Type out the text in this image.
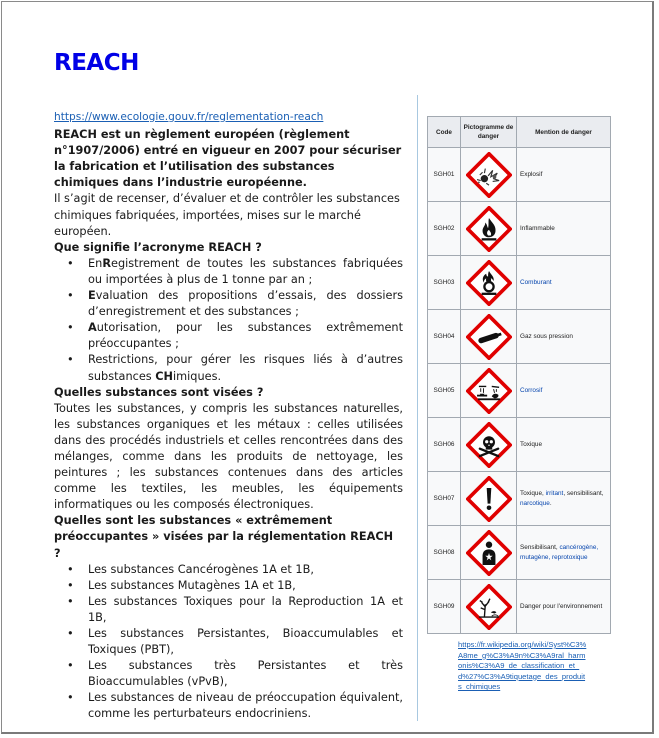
REACH

https://www.ecologie.gouv.fr/reglementation-reach

REACH est un règlement européen (règlement n°1907/2006) entré en vigueur en 2007 pour sécuriser la fabrication et l’utilisation des substances chimiques dans l’industrie européenne.

Il s’agit de recenser, d’évaluer et de contrôler les substances chimiques fabriquées, importées, mises sur le marché européen.

Que signifie l’acronyme REACH ?

• EnRegistrement de toutes les substances fabriquées ou importées à plus de 1 tonne par an ;
• Evaluation des propositions d’essais, des dossiers d’enregistrement et des substances ;
• Autorisation, pour les substances extrêmement préoccupantes ;
• Restrictions, pour gérer les risques liés à d’autres substances CHimiques.

Quelles substances sont visées ?

Toutes les substances, y compris les substances naturelles, les substances organiques et les métaux : celles utilisées dans des procédés industriels et celles rencontrées dans des mélanges, comme dans les produits de nettoyage, les peintures ; les substances contenues dans des articles comme les textiles, les meubles, les équipements informatiques ou les composés électroniques.

Quelles sont les substances « extrêmement préoccupantes » visées par la réglementation REACH ?

• Les substances Cancérogènes 1A et 1B,
• Les substances Mutagènes 1A et 1B,
• Les substances Toxiques pour la Reproduction 1A et 1B,
• Les substances Persistantes, Bioaccumulables et Toxiques (PBT),
• Les substances très Persistantes et très Bioaccumulables (vPvB),
• Les substances de niveau de préoccupation équivalent, comme les perturbateurs endocriniens.
Code	Pictogramme de danger	Mention de danger
SGH01		Explosif
SGH02		Inflammable
SGH03		Comburant
SGH04		Gaz sous pression
SGH05		Corrosif
SGH06		Toxique
SGH07		Toxique, irritant, sensibilisant, narcotique.
SGH08		Sensibilisant, cancérogène, mutagène, reprotoxique
SGH09		Danger pour l'environnement
https://fr.wikipedia.org/wiki/Syst%C3%A8me_g%C3%A9n%C3%A9ral_harmonis%C3%A9_de_classification_et_d%27%C3%A9tiquetage_des_produits_chimiques
